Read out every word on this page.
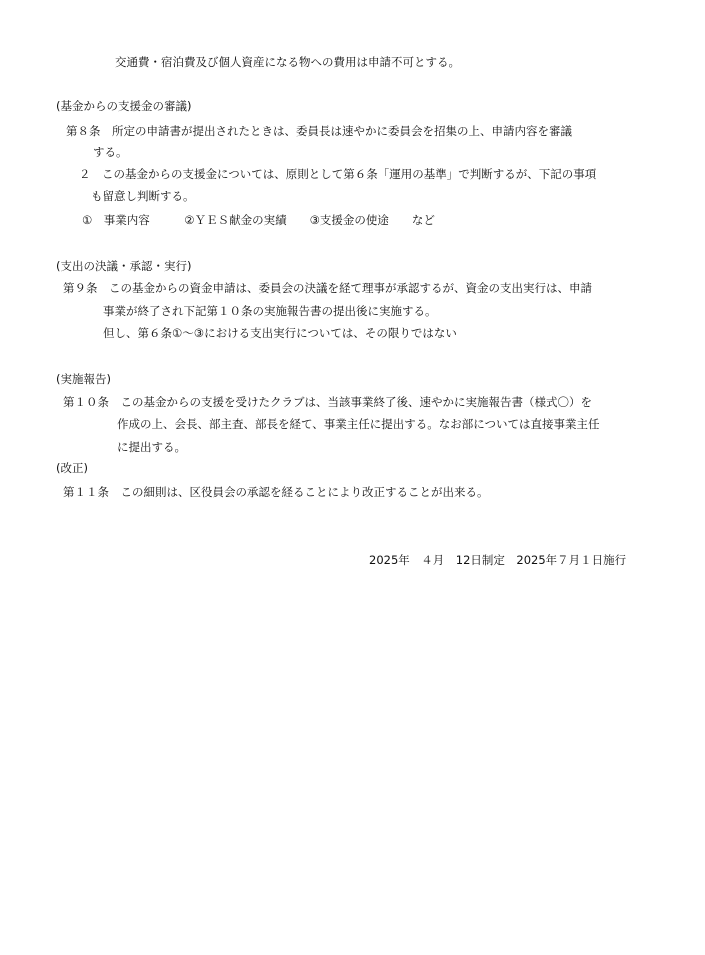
交通費・宿泊費及び個人資産になる物への費用は申請不可とする。
(基金からの支援金の審議)
第８条　所定の申請書が提出されたときは、委員長は速やかに委員会を招集の上、申請内容を審議
する。
２　この基金からの支援金については、原則として第６条「運用の基準」で判断するが、下記の事項
も留意し判断する。
①　事業内容　　　②ＹＥＳ献金の実績　　③支援金の使途　　など
(支出の決議・承認・実行)
第９条　この基金からの資金申請は、委員会の決議を経て理事が承認するが、資金の支出実行は、申請
事業が終了され下記第１０条の実施報告書の提出後に実施する。
但し、第６条①～③における支出実行については、その限りではない
(実施報告)
第１０条　この基金からの支援を受けたクラブは、当該事業終了後、速やかに実施報告書（様式〇）を
作成の上、会長、部主査、部長を経て、事業主任に提出する。なお部については直接事業主任
に提出する。
(改正)
第１１条　この細則は、区役員会の承認を経ることにより改正することが出来る。
2025年　４月　12日制定　2025年７月１日施行
